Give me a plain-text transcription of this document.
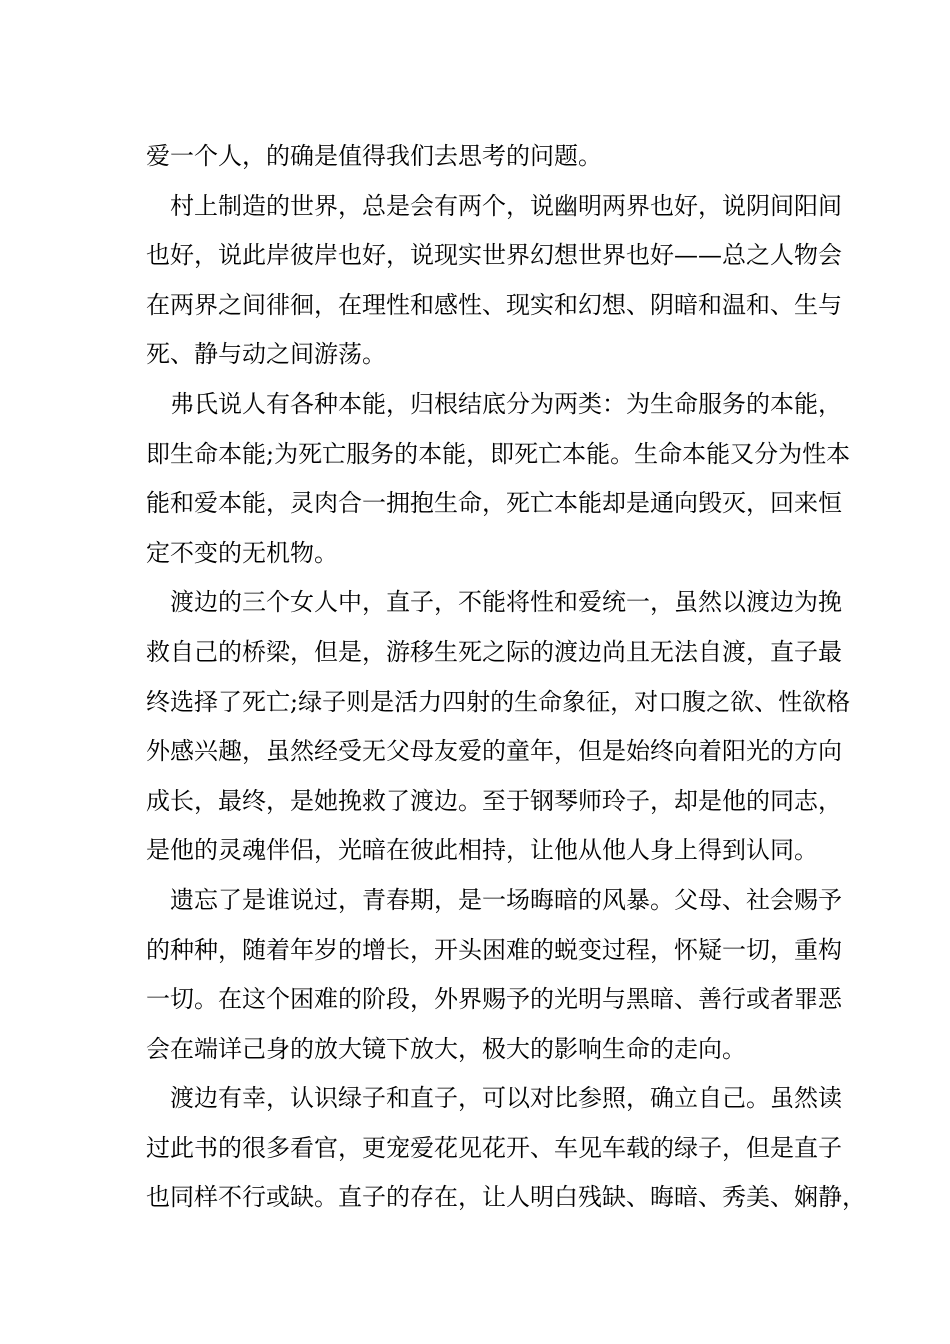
爱一个人，的确是值得我们去思考的问题。
　村上制造的世界，总是会有两个，说幽明两界也好，说阴间阳间
也好，说此岸彼岸也好，说现实世界幻想世界也好——总之人物会
在两界之间徘徊，在理性和感性、现实和幻想、阴暗和温和、生与
死、静与动之间游荡。
　弗氏说人有各种本能，归根结底分为两类：为生命服务的本能，
即生命本能;为死亡服务的本能，即死亡本能。生命本能又分为性本
能和爱本能，灵肉合一拥抱生命，死亡本能却是通向毁灭，回来恒
定不变的无机物。
　渡边的三个女人中，直子，不能将性和爱统一，虽然以渡边为挽
救自己的桥梁，但是，游移生死之际的渡边尚且无法自渡，直子最
终选择了死亡;绿子则是活力四射的生命象征，对口腹之欲、性欲格
外感兴趣，虽然经受无父母友爱的童年，但是始终向着阳光的方向
成长，最终，是她挽救了渡边。至于钢琴师玲子，却是他的同志，
是他的灵魂伴侣，光暗在彼此相持，让他从他人身上得到认同。
　遗忘了是谁说过，青春期，是一场晦暗的风暴。父母、社会赐予
的种种，随着年岁的增长，开头困难的蜕变过程，怀疑一切，重构
一切。在这个困难的阶段，外界赐予的光明与黑暗、善行或者罪恶
会在端详己身的放大镜下放大，极大的影响生命的走向。
　渡边有幸，认识绿子和直子，可以对比参照，确立自己。虽然读
过此书的很多看官，更宠爱花见花开、车见车载的绿子，但是直子
也同样不行或缺。直子的存在，让人明白残缺、晦暗、秀美、娴静，
